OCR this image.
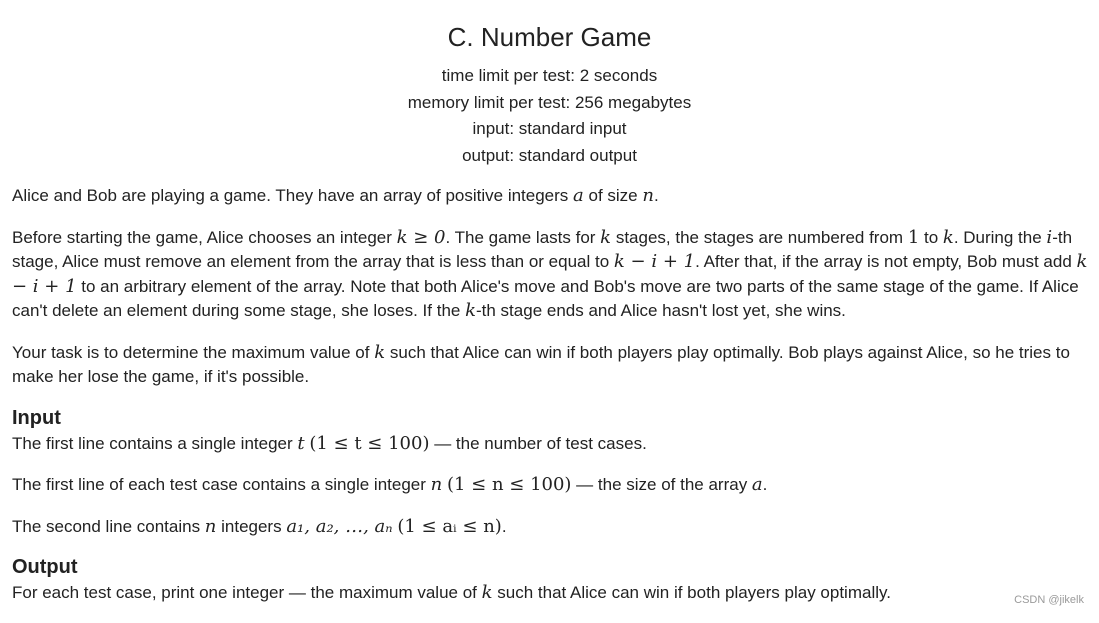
C. Number Game
time limit per test: 2 seconds
memory limit per test: 256 megabytes
input: standard input
output: standard output

Alice and Bob are playing a game. They have an array of positive integers a of size n.

Before starting the game, Alice chooses an integer k ≥ 0. The game lasts for k stages, the stages are numbered from 1 to k. During the i-th stage, Alice must remove an element from the array that is less than or equal to k − i + 1. After that, if the array is not empty, Bob must add k − i + 1 to an arbitrary element of the array. Note that both Alice's move and Bob's move are two parts of the same stage of the game. If Alice can't delete an element during some stage, she loses. If the k-th stage ends and Alice hasn't lost yet, she wins.

Your task is to determine the maximum value of k such that Alice can win if both players play optimally. Bob plays against Alice, so he tries to make her lose the game, if it's possible.

Input

The first line contains a single integer t (1 ≤ t ≤ 100) — the number of test cases.

The first line of each test case contains a single integer n (1 ≤ n ≤ 100) — the size of the array a.

The second line contains n integers a₁, a₂, …, aₙ (1 ≤ aᵢ ≤ n).

Output

For each test case, print one integer — the maximum value of k such that Alice can win if both players play optimally.	CSDN @jikelk
